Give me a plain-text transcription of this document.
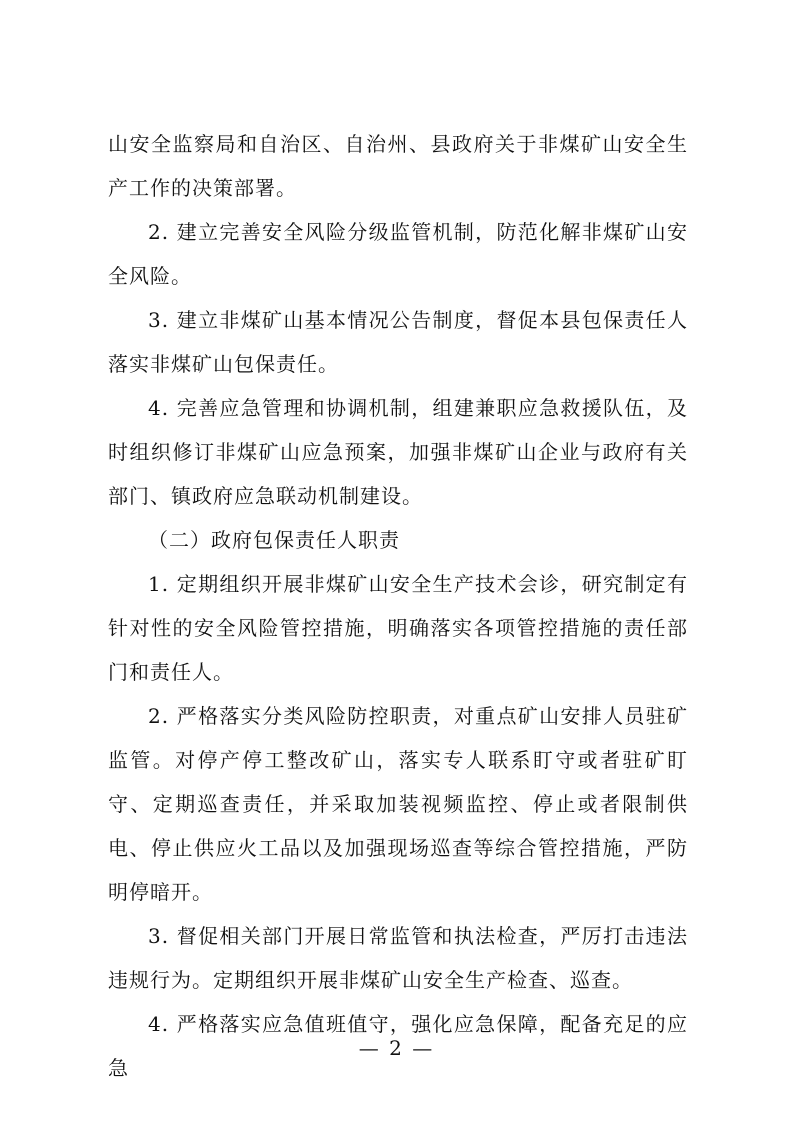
山安全监察局和自治区、自治州、县政府关于非煤矿山安全生产工作的决策部署。

2. 建立完善安全风险分级监管机制，防范化解非煤矿山安全风险。

3. 建立非煤矿山基本情况公告制度，督促本县包保责任人落实非煤矿山包保责任。

4. 完善应急管理和协调机制，组建兼职应急救援队伍，及时组织修订非煤矿山应急预案，加强非煤矿山企业与政府有关部门、镇政府应急联动机制建设。

（二）政府包保责任人职责

1. 定期组织开展非煤矿山安全生产技术会诊，研究制定有针对性的安全风险管控措施，明确落实各项管控措施的责任部门和责任人。

2. 严格落实分类风险防控职责，对重点矿山安排人员驻矿监管。对停产停工整改矿山，落实专人联系盯守或者驻矿盯守、定期巡查责任，并采取加装视频监控、停止或者限制供电、停止供应火工品以及加强现场巡查等综合管控措施，严防明停暗开。

3. 督促相关部门开展日常监管和执法检查，严厉打击违法违规行为。定期组织开展非煤矿山安全生产检查、巡查。

4. 严格落实应急值班值守，强化应急保障，配备充足的应急

— 2 —
